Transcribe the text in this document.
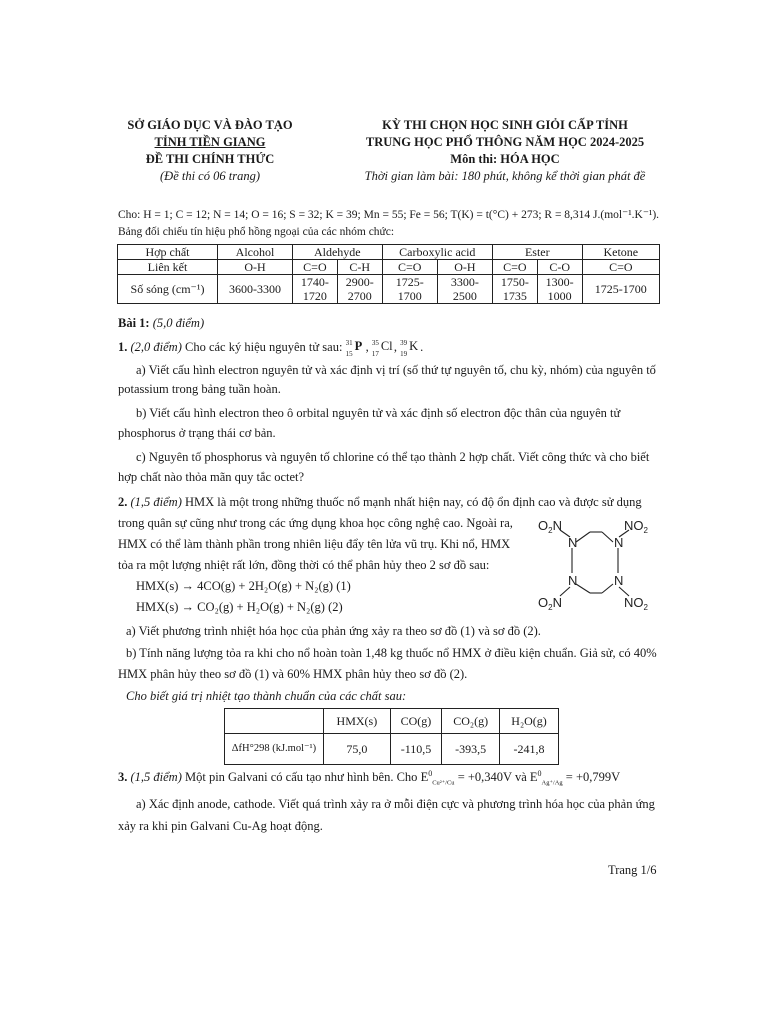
SỞ GIÁO DỤC VÀ ĐÀO TẠO
TỈNH TIỀN GIANG
ĐỀ THI CHÍNH THỨC
(Đề thi có 06 trang)
KỲ THI CHỌN HỌC SINH GIỎI CẤP TỈNH
TRUNG HỌC PHỔ THÔNG NĂM HỌC 2024-2025
Môn thi: HÓA HỌC
Thời gian làm bài: 180 phút, không kể thời gian phát đề
Cho: H = 1; C = 12; N = 14; O = 16; S = 32; K = 39; Mn = 55; Fe = 56; T(K) = t(°C) + 273; R = 8,314 J.(mol⁻¹.K⁻¹).
Bảng đối chiếu tín hiệu phổ hồng ngoại của các nhóm chức:
Hợp chất	Alcohol	Aldehyde		Carboxylic acid		Ester		Ketone
Liên kết	O-H	C=O	C-H	C=O	O-H	C=O	C-O	C=O
Số sóng (cm⁻¹)	3600-3300	1740-	2900-	1725-	3300-	1750-	1300-	1725-1700
		1720	2700	1700	2500	1735	1000	
Bài 1: (5,0 điểm)
1. (2,0 điểm) Cho các ký hiệu nguyên tử sau: 31
15
P , 35
17
Cl , 39
19
K .
a) Viết cấu hình electron nguyên tử và xác định vị trí (số thứ tự nguyên tố, chu kỳ, nhóm) của nguyên tố
potassium trong bảng tuần hoàn.
b) Viết cấu hình electron theo ô orbital nguyên tử và xác định số electron độc thân của nguyên tử
phosphorus ở trạng thái cơ bản.
c) Nguyên tố phosphorus và nguyên tố chlorine có thể tạo thành 2 hợp chất. Viết công thức và cho biết
hợp chất nào thỏa mãn quy tắc octet?
2. (1,5 điểm) HMX là một trong những thuốc nổ mạnh nhất hiện nay, có độ ổn định cao và được sử dụng
trong quân sự cũng như trong các ứng dụng khoa học công nghệ cao. Ngoài ra,
HMX có thể làm thành phần trong nhiên liệu đẩy tên lửa vũ trụ. Khi nổ, HMX
tỏa ra một lượng nhiệt rất lớn, đồng thời có thể phân hủy theo 2 sơ đồ sau:
HMX(s) → 4CO(g) + 2H₂O(g) + N₂(g) (1)
HMX(s) → CO₂(g) + H₂O(g) + N₂(g) (2)
$O_2N$	$NO_2$
N	N
N	N
$O_2N$	$NO_2$
a) Viết phương trình nhiệt hóa học của phản ứng xảy ra theo sơ đồ (1) và sơ đồ (2).
b) Tính năng lượng tỏa ra khi cho nổ hoàn toàn 1,48 kg thuốc nổ HMX ở điều kiện chuẩn. Giả sử, có 40%
HMX phân hủy theo sơ đồ (1) và 60% HMX phân hủy theo sơ đồ (2).
Cho biết giá trị nhiệt tạo thành chuẩn của các chất sau:
	HMX(s)	CO(g)	CO₂(g)	H₂O(g)
ΔfH°298 (kJ.mol⁻¹)	75,0	-110,5	-393,5	-241,8
3. (1,5 điểm) Một pin Galvani có cấu tạo như hình bên. Cho $E^0_{Cu^{2+}/Cu} = +0,340V$ và $E^0_{Ag^+/Ag} = +0,799V$
a) Xác định anode, cathode. Viết quá trình xảy ra ở mỗi điện cực và phương trình hóa học của phản ứng
xảy ra khi pin Galvani Cu-Ag hoạt động.
Trang 1/6
